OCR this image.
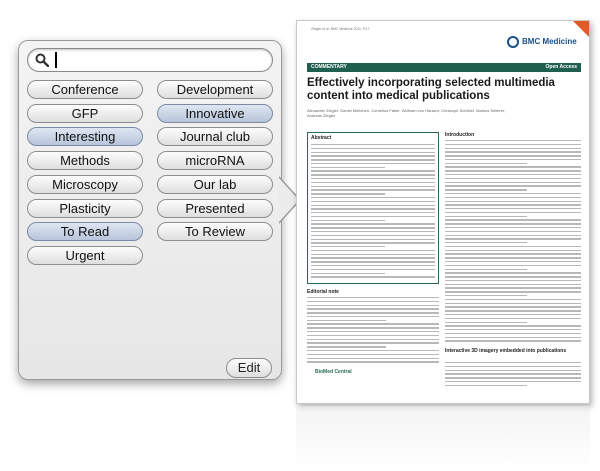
Conference	Development
GFP	Innovative
Interesting	Journal club
Methods	microRNA
Microscopy	Our lab
Plasticity	Presented
To Read	To Review
Urgent
Edit
Ziegler et al. BMC Medicine 2011, 9:17
BMC Medicine
COMMENTARY	Open Access
Effectively incorporating selected multimedia content into medical publications
Alexander Ziegler, Daniel Mietchen, Cornelius Faber, Wolfram von Hausen, Christoph Schöbel, Markus Sellerer, Andreas Ziegler
Abstract	Introduction
Editorial note
Interactive 3D imagery embedded into publications
BioMed Central
